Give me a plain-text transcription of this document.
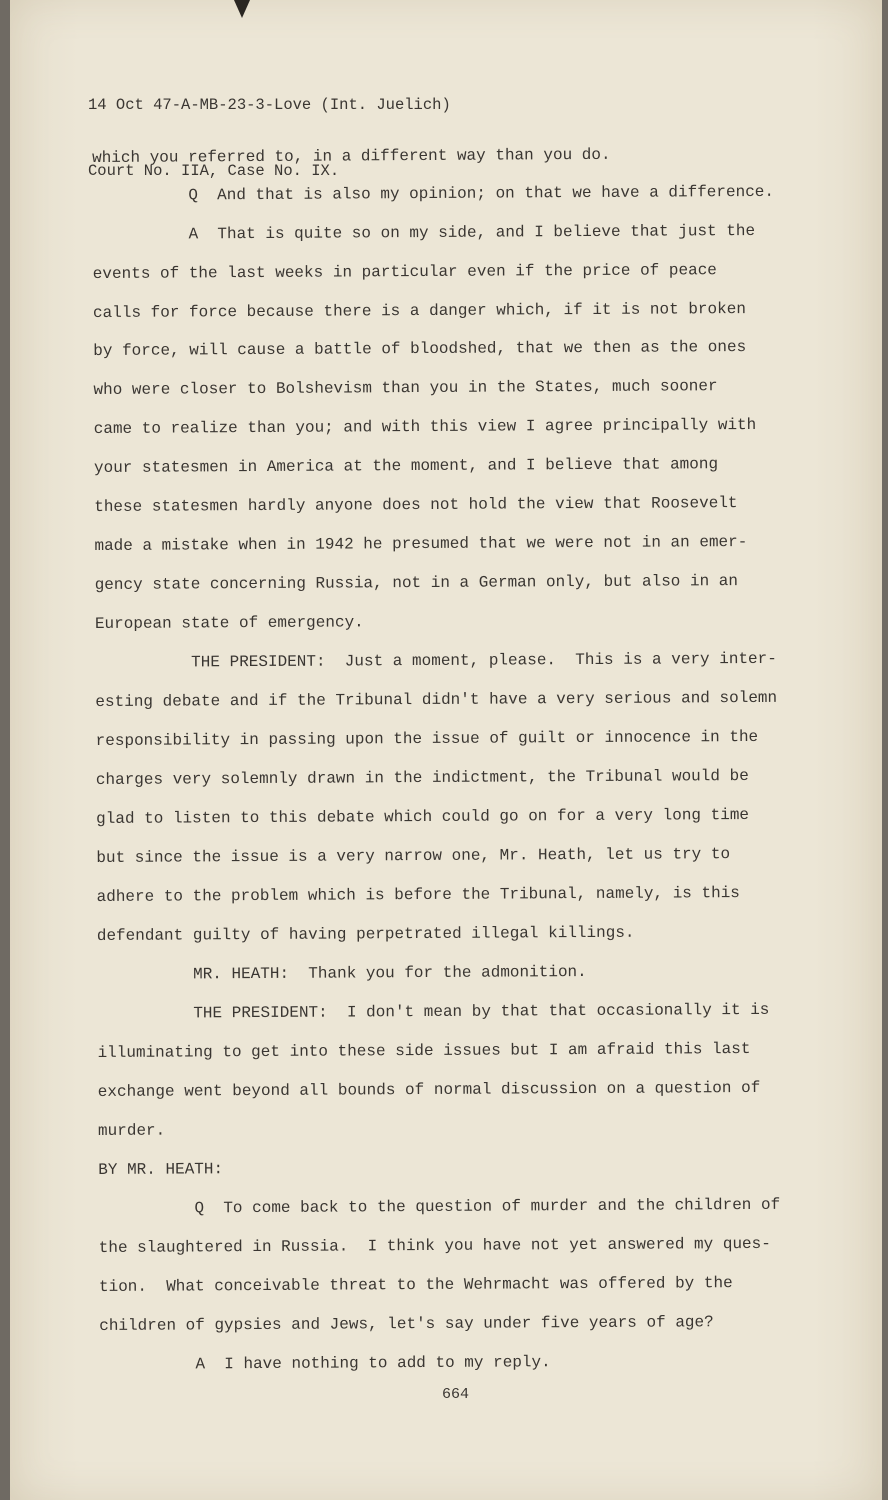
14 Oct 47-A-MB-23-3-Love (Int. Juelich)

Court No. IIA, Case No. IX.

which you referred to, in a different way than you do.
Q  And that is also my opinion; on that we have a difference.
A  That is quite so on my side, and I believe that just the
events of the last weeks in particular even if the price of peace
calls for force because there is a danger which, if it is not broken
by force, will cause a battle of bloodshed, that we then as the ones
who were closer to Bolshevism than you in the States, much sooner
came to realize than you; and with this view I agree principally with
your statesmen in America at the moment, and I believe that among
these statesmen hardly anyone does not hold the view that Roosevelt
made a mistake when in 1942 he presumed that we were not in an emer-
gency state concerning Russia, not in a German only, but also in an
European state of emergency.
THE PRESIDENT:  Just a moment, please.  This is a very inter-
esting debate and if the Tribunal didn't have a very serious and solemn
responsibility in passing upon the issue of guilt or innocence in the
charges very solemnly drawn in the indictment, the Tribunal would be
glad to listen to this debate which could go on for a very long time
but since the issue is a very narrow one, Mr. Heath, let us try to
adhere to the problem which is before the Tribunal, namely, is this
defendant guilty of having perpetrated illegal killings.
MR. HEATH:  Thank you for the admonition.
THE PRESIDENT:  I don't mean by that that occasionally it is
illuminating to get into these side issues but I am afraid this last
exchange went beyond all bounds of normal discussion on a question of
murder.
BY MR. HEATH:
Q  To come back to the question of murder and the children of
the slaughtered in Russia.  I think you have not yet answered my ques-
tion.  What conceivable threat to the Wehrmacht was offered by the
children of gypsies and Jews, let's say under five years of age?
A  I have nothing to add to my reply.
664
